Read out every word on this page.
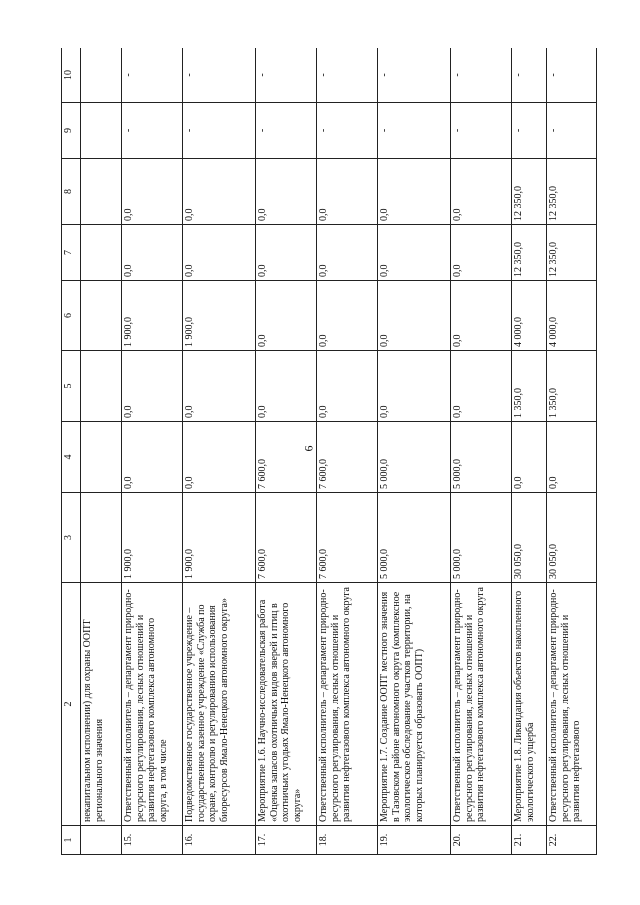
6
1	2	3	4	5	6	7	8	9	10
	некапитальном исполнении) для охраны ООПТ регионального значения								
15.	Ответственный исполнитель – департамент природно-ресурсного регулирования, лесных отношений и развития нефтегазового комплекса автономного округа, в том числе	1 900,0	0,0	0,0	1 900,0	0,0	0,0	-	-
16.	Подведомственное государственное учреждение – государственное казенное учреждение «Служба по охране, контролю и регулированию использования биоресурсов Ямало-Ненецкого автономного округа»	1 900,0	0,0	0,0	1 900,0	0,0	0,0	-	-
17.	Мероприятие 1.6. Научно-исследовательская работа «Оценка запасов охотничьих видов зверей и птиц в охотничьих угодьях Ямало-Ненецкого автономного округа»	7 600,0	7 600,0	0,0	0,0	0,0	0,0	-	-
18.	Ответственный исполнитель – департамент природно-ресурсного регулирования, лесных отношений и развития нефтегазового комплекса автономного округа	7 600,0	7 600,0	0,0	0,0	0,0	0,0	-	-
19.	Мероприятие 1.7. Создание ООПТ местного значения в Тазовском районе автономного округа (комплексное экологическое обследование участков территории, на которых планируется образовать ООПТ)	5 000,0	5 000,0	0,0	0,0	0,0	0,0	-	-
20.	Ответственный исполнитель – департамент природно-ресурсного регулирования, лесных отношений и развития нефтегазового комплекса автономного округа	5 000,0	5 000,0	0,0	0,0	0,0	0,0	-	-
21.	Мероприятие 1.8. Ликвидация объектов накопленного экологического ущерба	30 050,0	0,0	1 350,0	4 000,0	12 350,0	12 350,0	-	-
22.	Ответственный исполнитель – департамент природно-ресурсного регулирования, лесных отношений и развития нефтегазового	30 050,0	0,0	1 350,0	4 000,0	12 350,0	12 350,0	-	-
